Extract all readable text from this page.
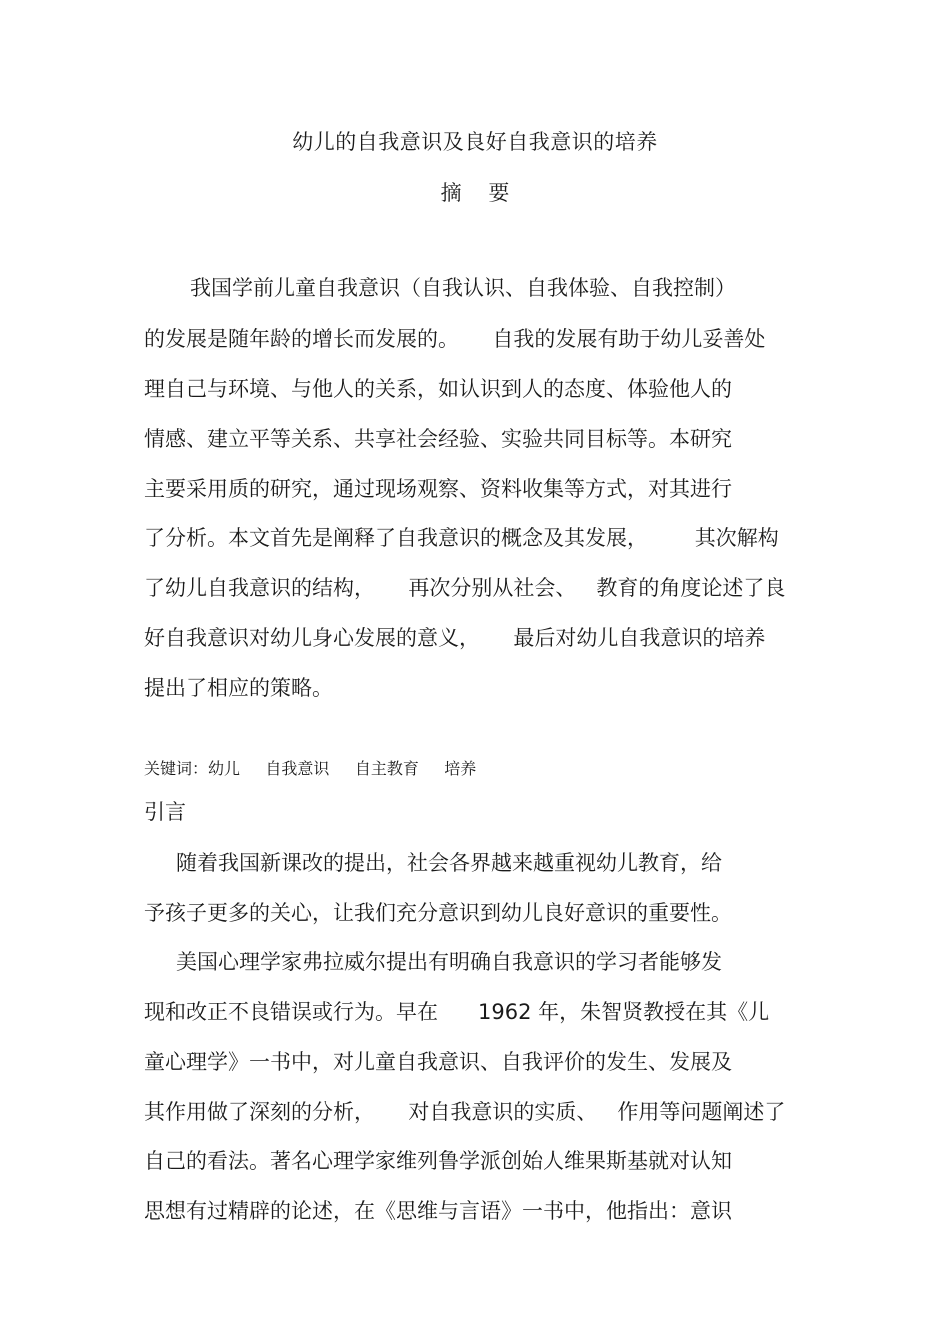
幼儿的自我意识及良好自我意识的培养
摘 要
我国学前儿童自我意识（自我认识、自我体验、自我控制）
的发展是随年龄的增长而发展的。     自我的发展有助于幼儿妥善处
理自己与环境、与他人的关系，如认识到人的态度、体验他人的
情感、建立平等关系、共享社会经验、实验共同目标等。本研究
主要采用质的研究，通过现场观察、资料收集等方式，对其进行
了分析。本文首先是阐释了自我意识的概念及其发展，       其次解构
了幼儿自我意识的结构，     再次分别从社会、   教育的角度论述了良
好自我意识对幼儿身心发展的意义，     最后对幼儿自我意识的培养
提出了相应的策略。
关键词：幼儿     自我意识     自主教育     培养
引言
随着我国新课改的提出，社会各界越来越重视幼儿教育，给
予孩子更多的关心，让我们充分意识到幼儿良好意识的重要性。
美国心理学家弗拉威尔提出有明确自我意识的学习者能够发
现和改正不良错误或行为。早在      1962 年，朱智贤教授在其《儿
童心理学》一书中，对儿童自我意识、自我评价的发生、发展及
其作用做了深刻的分析，     对自我意识的实质、   作用等问题阐述了
自己的看法。著名心理学家维列鲁学派创始人维果斯基就对认知
思想有过精辟的论述，在《思维与言语》一书中，他指出：意识
